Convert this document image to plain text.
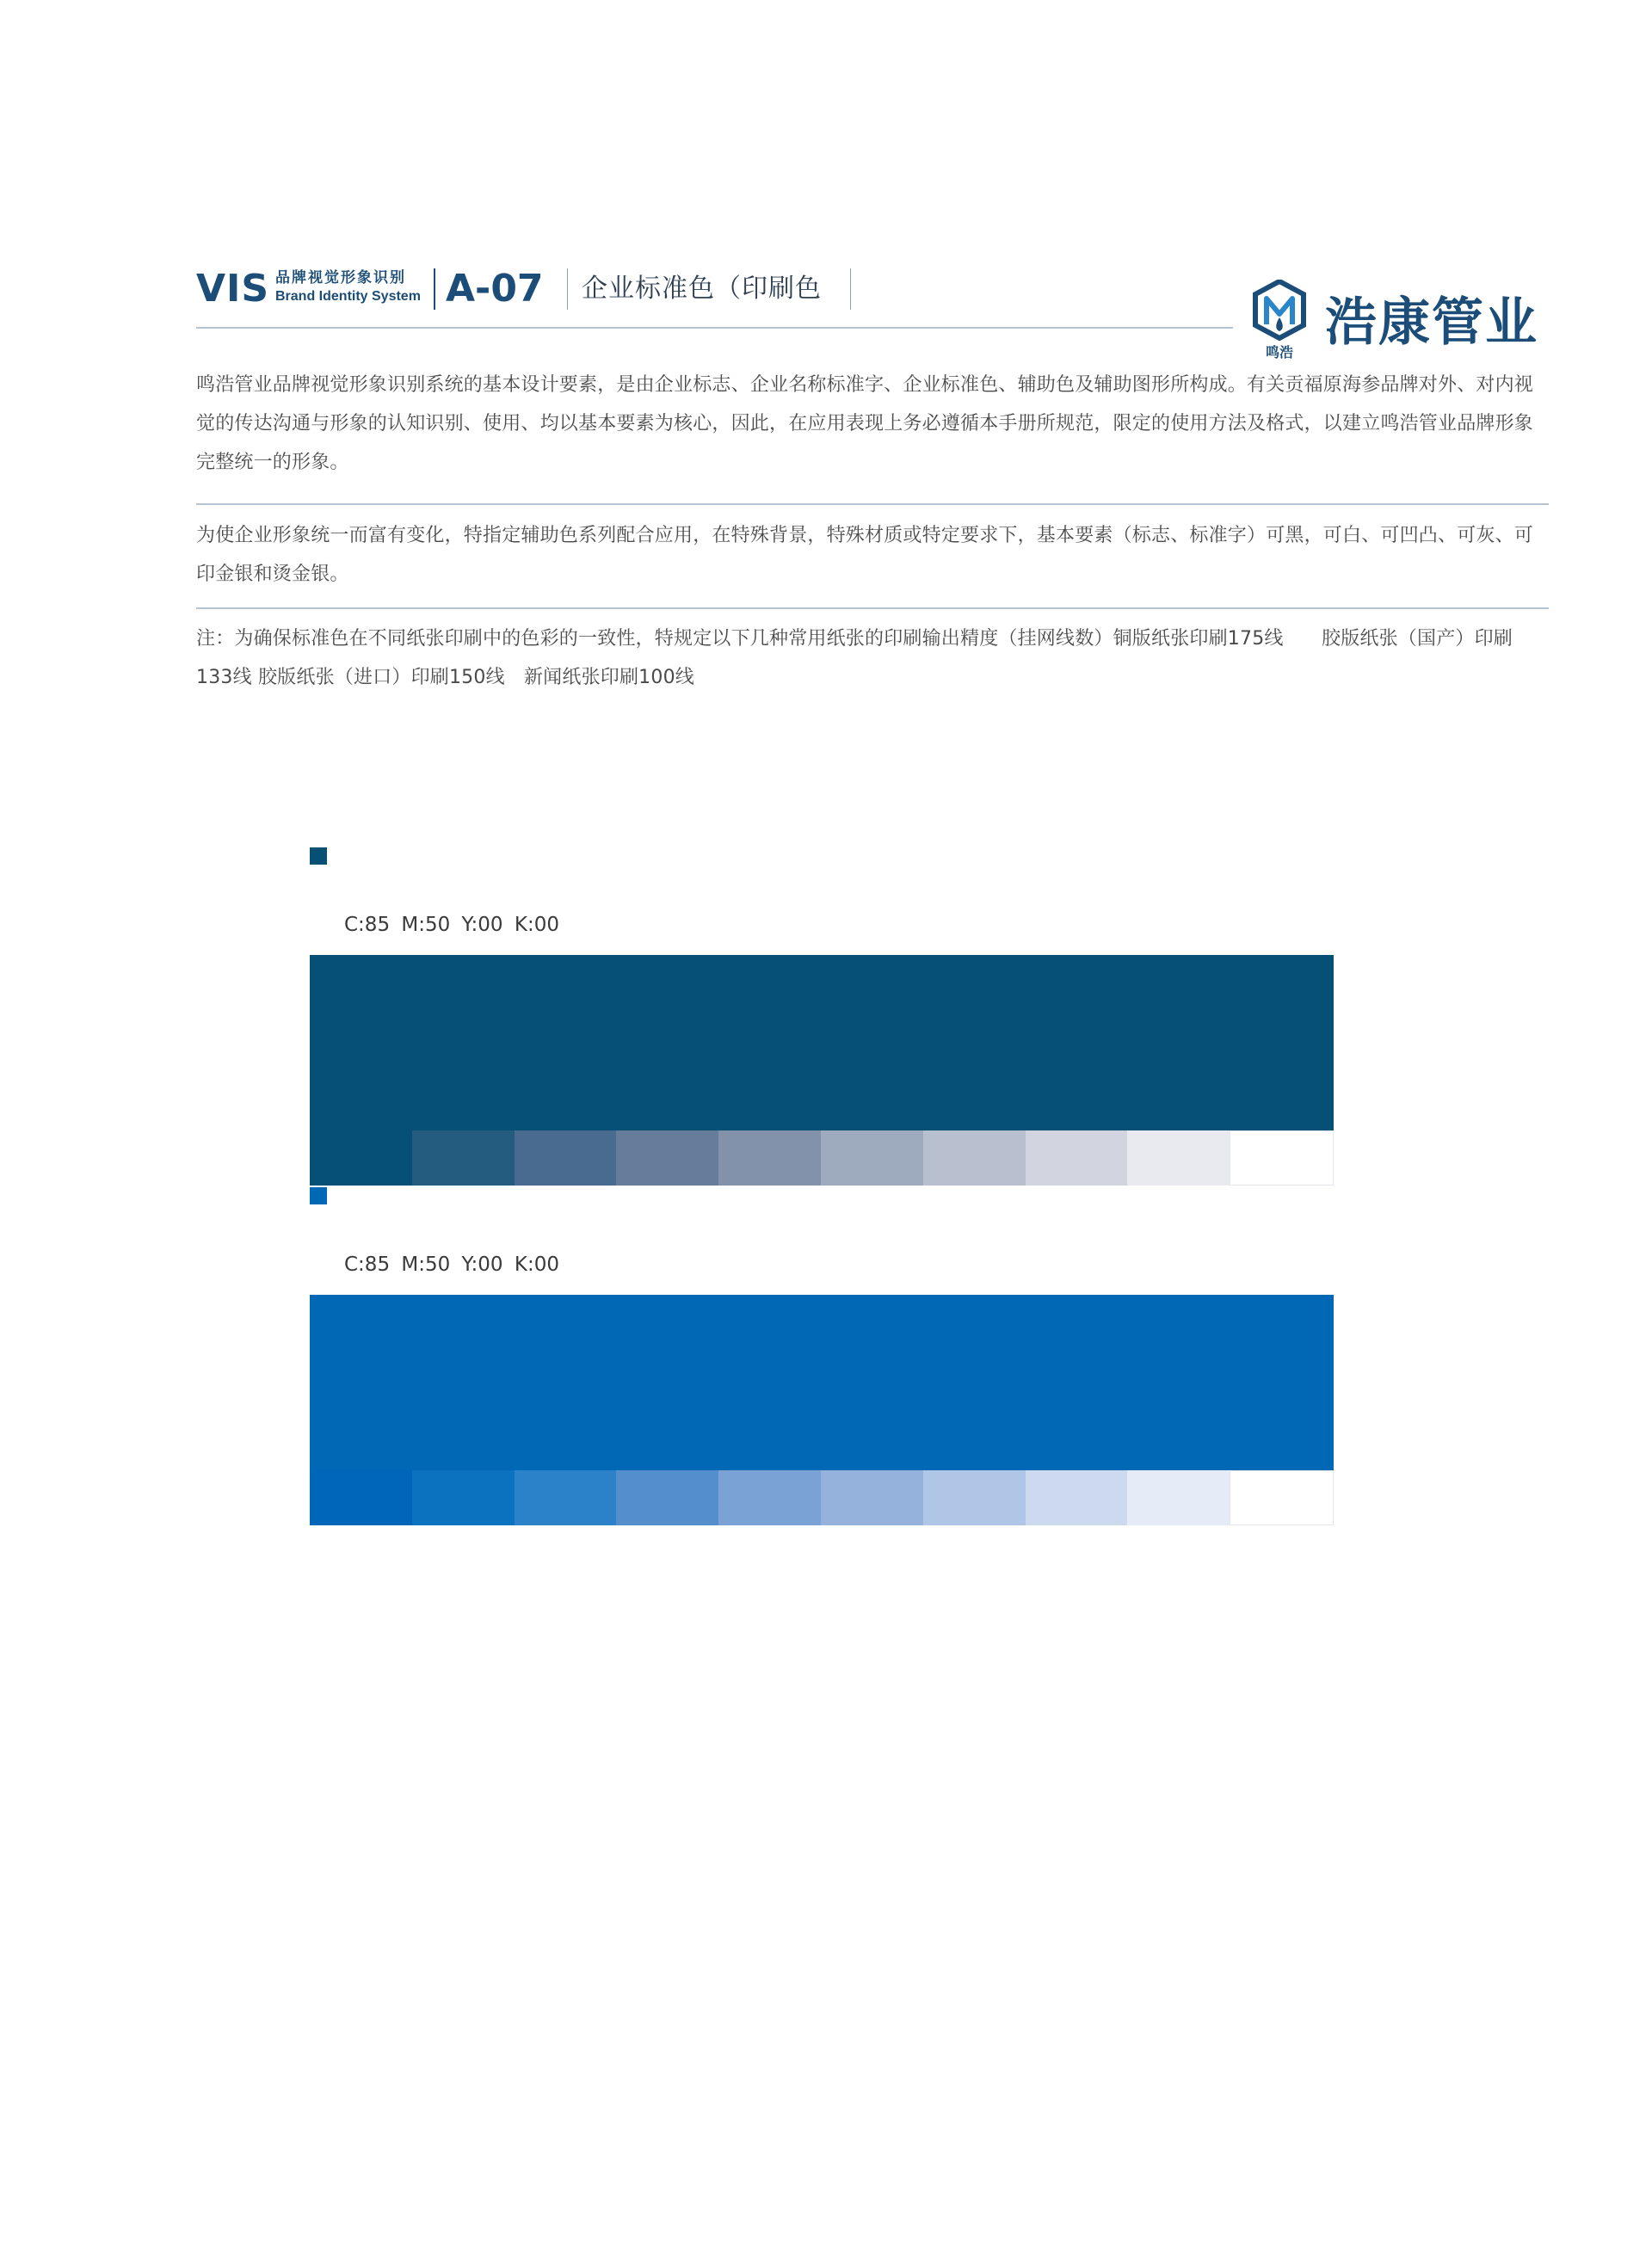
VIS 品牌视觉形象识别
Brand Identity System A-07 企业标准色（印刷色
鸣浩 浩康管业

鸣浩管业品牌视觉形象识别系统的基本设计要素，是由企业标志、企业名称标准字、企业标准色、辅助色及辅助图形所构成。有关贡福原海参品牌对外、对内视觉的传达沟通与形象的认知识别、使用、均以基本要素为核心，因此，在应用表现上务必遵循本手册所规范，限定的使用方法及格式，以建立鸣浩管业品牌形象完整统一的形象。

为使企业形象统一而富有变化，特指定辅助色系列配合应用，在特殊背景，特殊材质或特定要求下，基本要素（标志、标准字）可黑，可白、可凹凸、可灰、可印金银和烫金银。

注：为确保标准色在不同纸张印刷中的色彩的一致性，特规定以下几种常用纸张的印刷输出精度（挂网线数）铜版纸张印刷175线　　胶版纸张（国产）印刷133线 胶版纸张（进口）印刷150线　新闻纸张印刷100线

C:85 M:50 Y:00 K:00
C:85 M:50 Y:00 K:00
